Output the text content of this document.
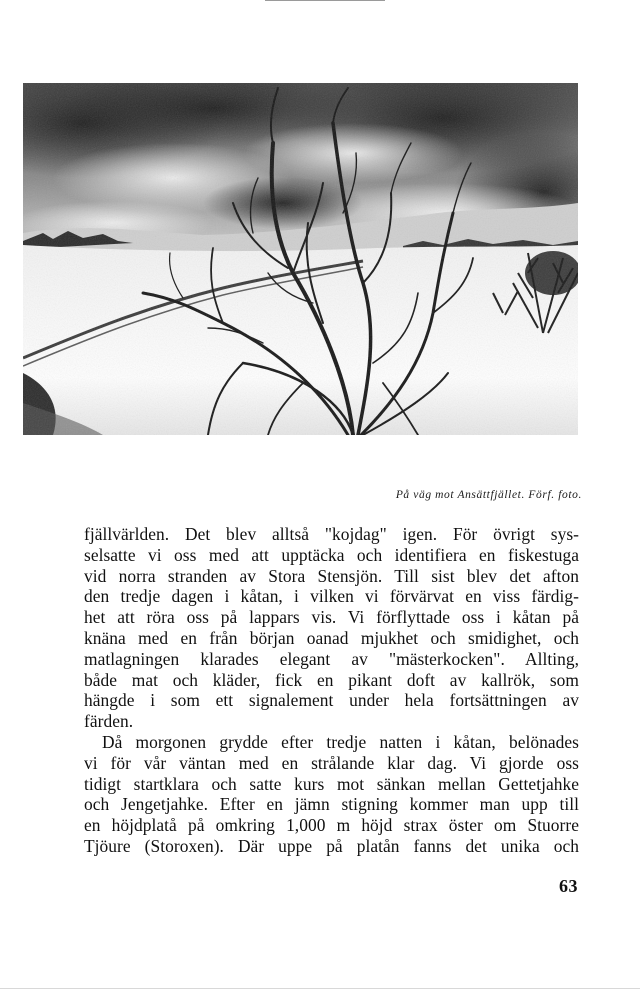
På väg mot Ansättfjället. Förf. foto.
fjällvärlden. Det blev alltså "kojdag" igen. För övrigt sys-
selsatte vi oss med att upptäcka och identifiera en fiskestuga
vid norra stranden av Stora Stensjön. Till sist blev det afton
den tredje dagen i kåtan, i vilken vi förvärvat en viss färdig-
het att röra oss på lappars vis. Vi förflyttade oss i kåtan på
knäna med en från början oanad mjukhet och smidighet, och
matlagningen klarades elegant av "mästerkocken". Allting,
både mat och kläder, fick en pikant doft av kallrök, som
hängde i som ett signalement under hela fortsättningen av
färden.
Då morgonen grydde efter tredje natten i kåtan, belönades
vi för vår väntan med en strålande klar dag. Vi gjorde oss
tidigt startklara och satte kurs mot sänkan mellan Gettetjahke
och Jengetjahke. Efter en jämn stigning kommer man upp till
en höjdplatå på omkring 1,000 m höjd strax öster om Stuorre
Tjöure (Storoxen). Där uppe på platån fanns det unika och
63
